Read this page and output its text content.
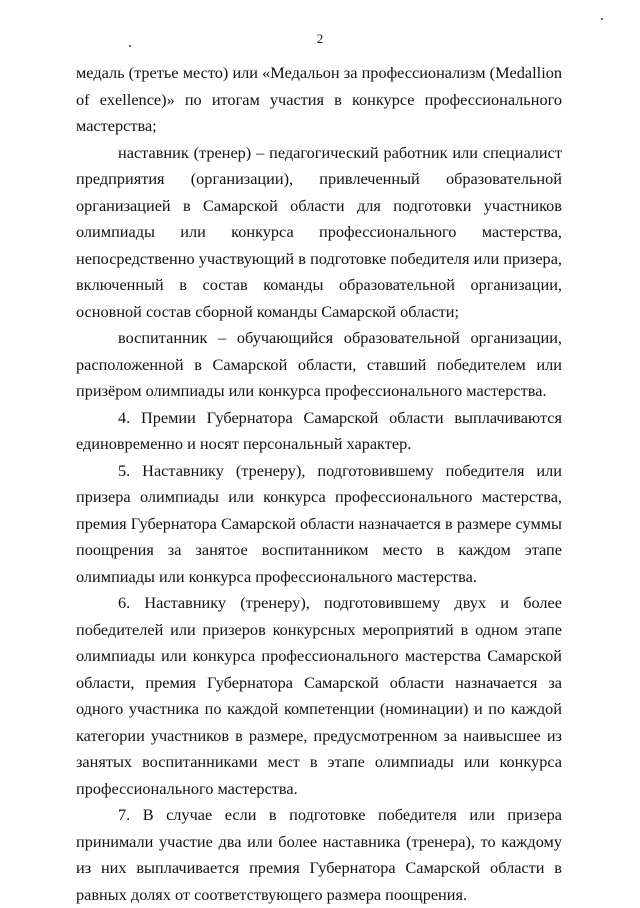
2

медаль (третье место) или «Медальон за профессионализм (Medallion of exellence)» по итогам участия в конкурсе профессионального мастерства;

наставник (тренер) – педагогический работник или специалист предприятия (организации), привлеченный образовательной организацией в Самарской области для подготовки участников олимпиады или конкурса профессионального мастерства, непосредственно участвующий в подготовке победителя или призера, включенный в состав команды образовательной организации, основной состав сборной команды Самарской области;

воспитанник – обучающийся образовательной организации, расположенной в Самарской области, ставший победителем или призёром олимпиады или конкурса профессионального мастерства.

4. Премии Губернатора Самарской области выплачиваются единовременно и носят персональный характер.

5. Наставнику (тренеру), подготовившему победителя или призера олимпиады или конкурса профессионального мастерства, премия Губернатора Самарской области назначается в размере суммы поощрения за занятое воспитанником место в каждом этапе олимпиады или конкурса профессионального мастерства.

6. Наставнику (тренеру), подготовившему двух и более победителей или призеров конкурсных мероприятий в одном этапе олимпиады или конкурса профессионального мастерства Самарской области, премия Губернатора Самарской области назначается за одного участника по каждой компетенции (номинации) и по каждой категории участников в размере, предусмотренном за наивысшее из занятых воспитанниками мест в этапе олимпиады или конкурса профессионального мастерства.

7. В случае если в подготовке победителя или призера принимали участие два или более наставника (тренера), то каждому из них выплачивается премия Губернатора Самарской области в равных долях от соответствующего размера поощрения.
